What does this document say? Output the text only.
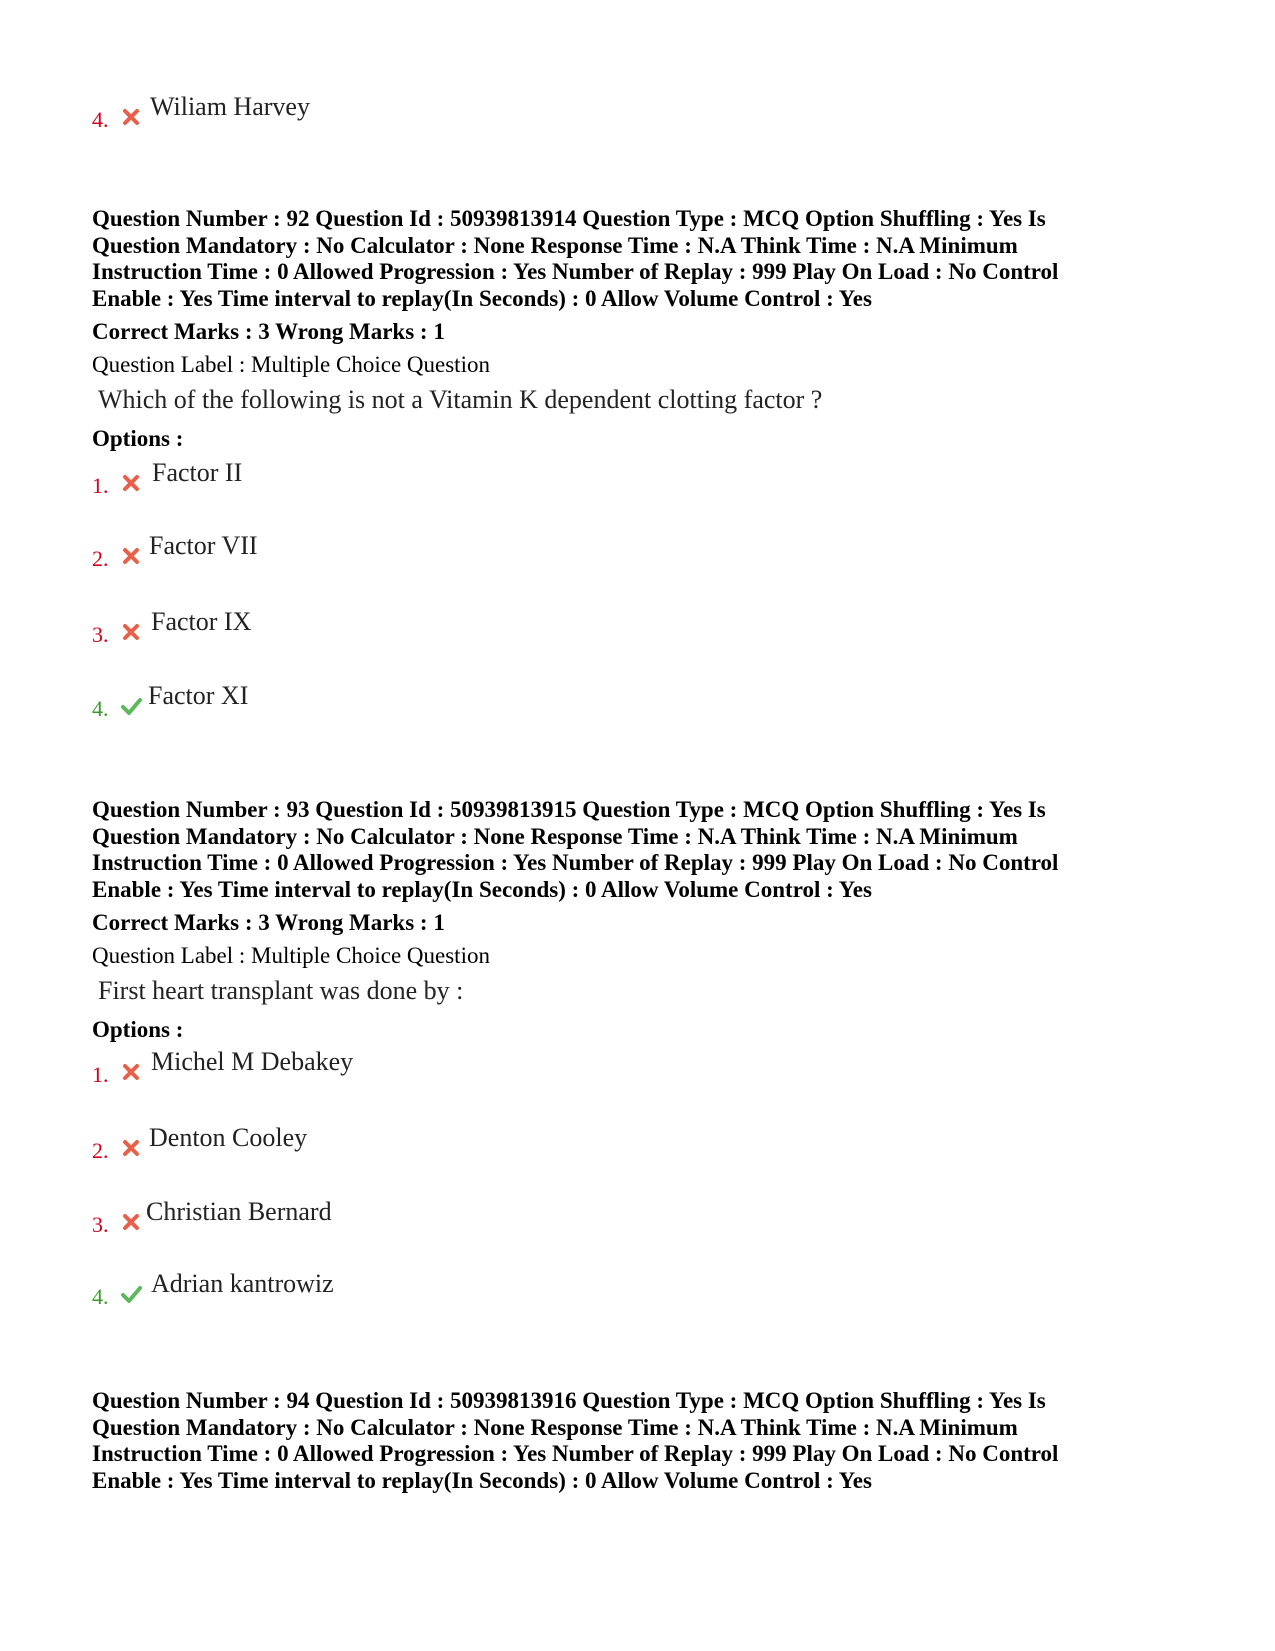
4. Wiliam Harvey

Question Number : 92 Question Id : 50939813914 Question Type : MCQ Option Shuffling : Yes Is

Question Mandatory : No Calculator : None Response Time : N.A Think Time : N.A Minimum

Instruction Time : 0 Allowed Progression : Yes Number of Replay : 999 Play On Load : No Control

Enable : Yes Time interval to replay(In Seconds) : 0 Allow Volume Control : Yes

Correct Marks : 3 Wrong Marks : 1
Question Label : Multiple Choice Question
Which of the following is not a Vitamin K dependent clotting factor ?
Options :
1. Factor II
2. Factor VII
3. Factor IX
4. Factor XI

Question Number : 93 Question Id : 50939813915 Question Type : MCQ Option Shuffling : Yes Is

Question Mandatory : No Calculator : None Response Time : N.A Think Time : N.A Minimum

Instruction Time : 0 Allowed Progression : Yes Number of Replay : 999 Play On Load : No Control

Enable : Yes Time interval to replay(In Seconds) : 0 Allow Volume Control : Yes

Correct Marks : 3 Wrong Marks : 1
Question Label : Multiple Choice Question
First heart transplant was done by :
Options :
1. Michel M Debakey
2. Denton Cooley
3. Christian Bernard
4. Adrian kantrowiz

Question Number : 94 Question Id : 50939813916 Question Type : MCQ Option Shuffling : Yes Is

Question Mandatory : No Calculator : None Response Time : N.A Think Time : N.A Minimum

Instruction Time : 0 Allowed Progression : Yes Number of Replay : 999 Play On Load : No Control

Enable : Yes Time interval to replay(In Seconds) : 0 Allow Volume Control : Yes
